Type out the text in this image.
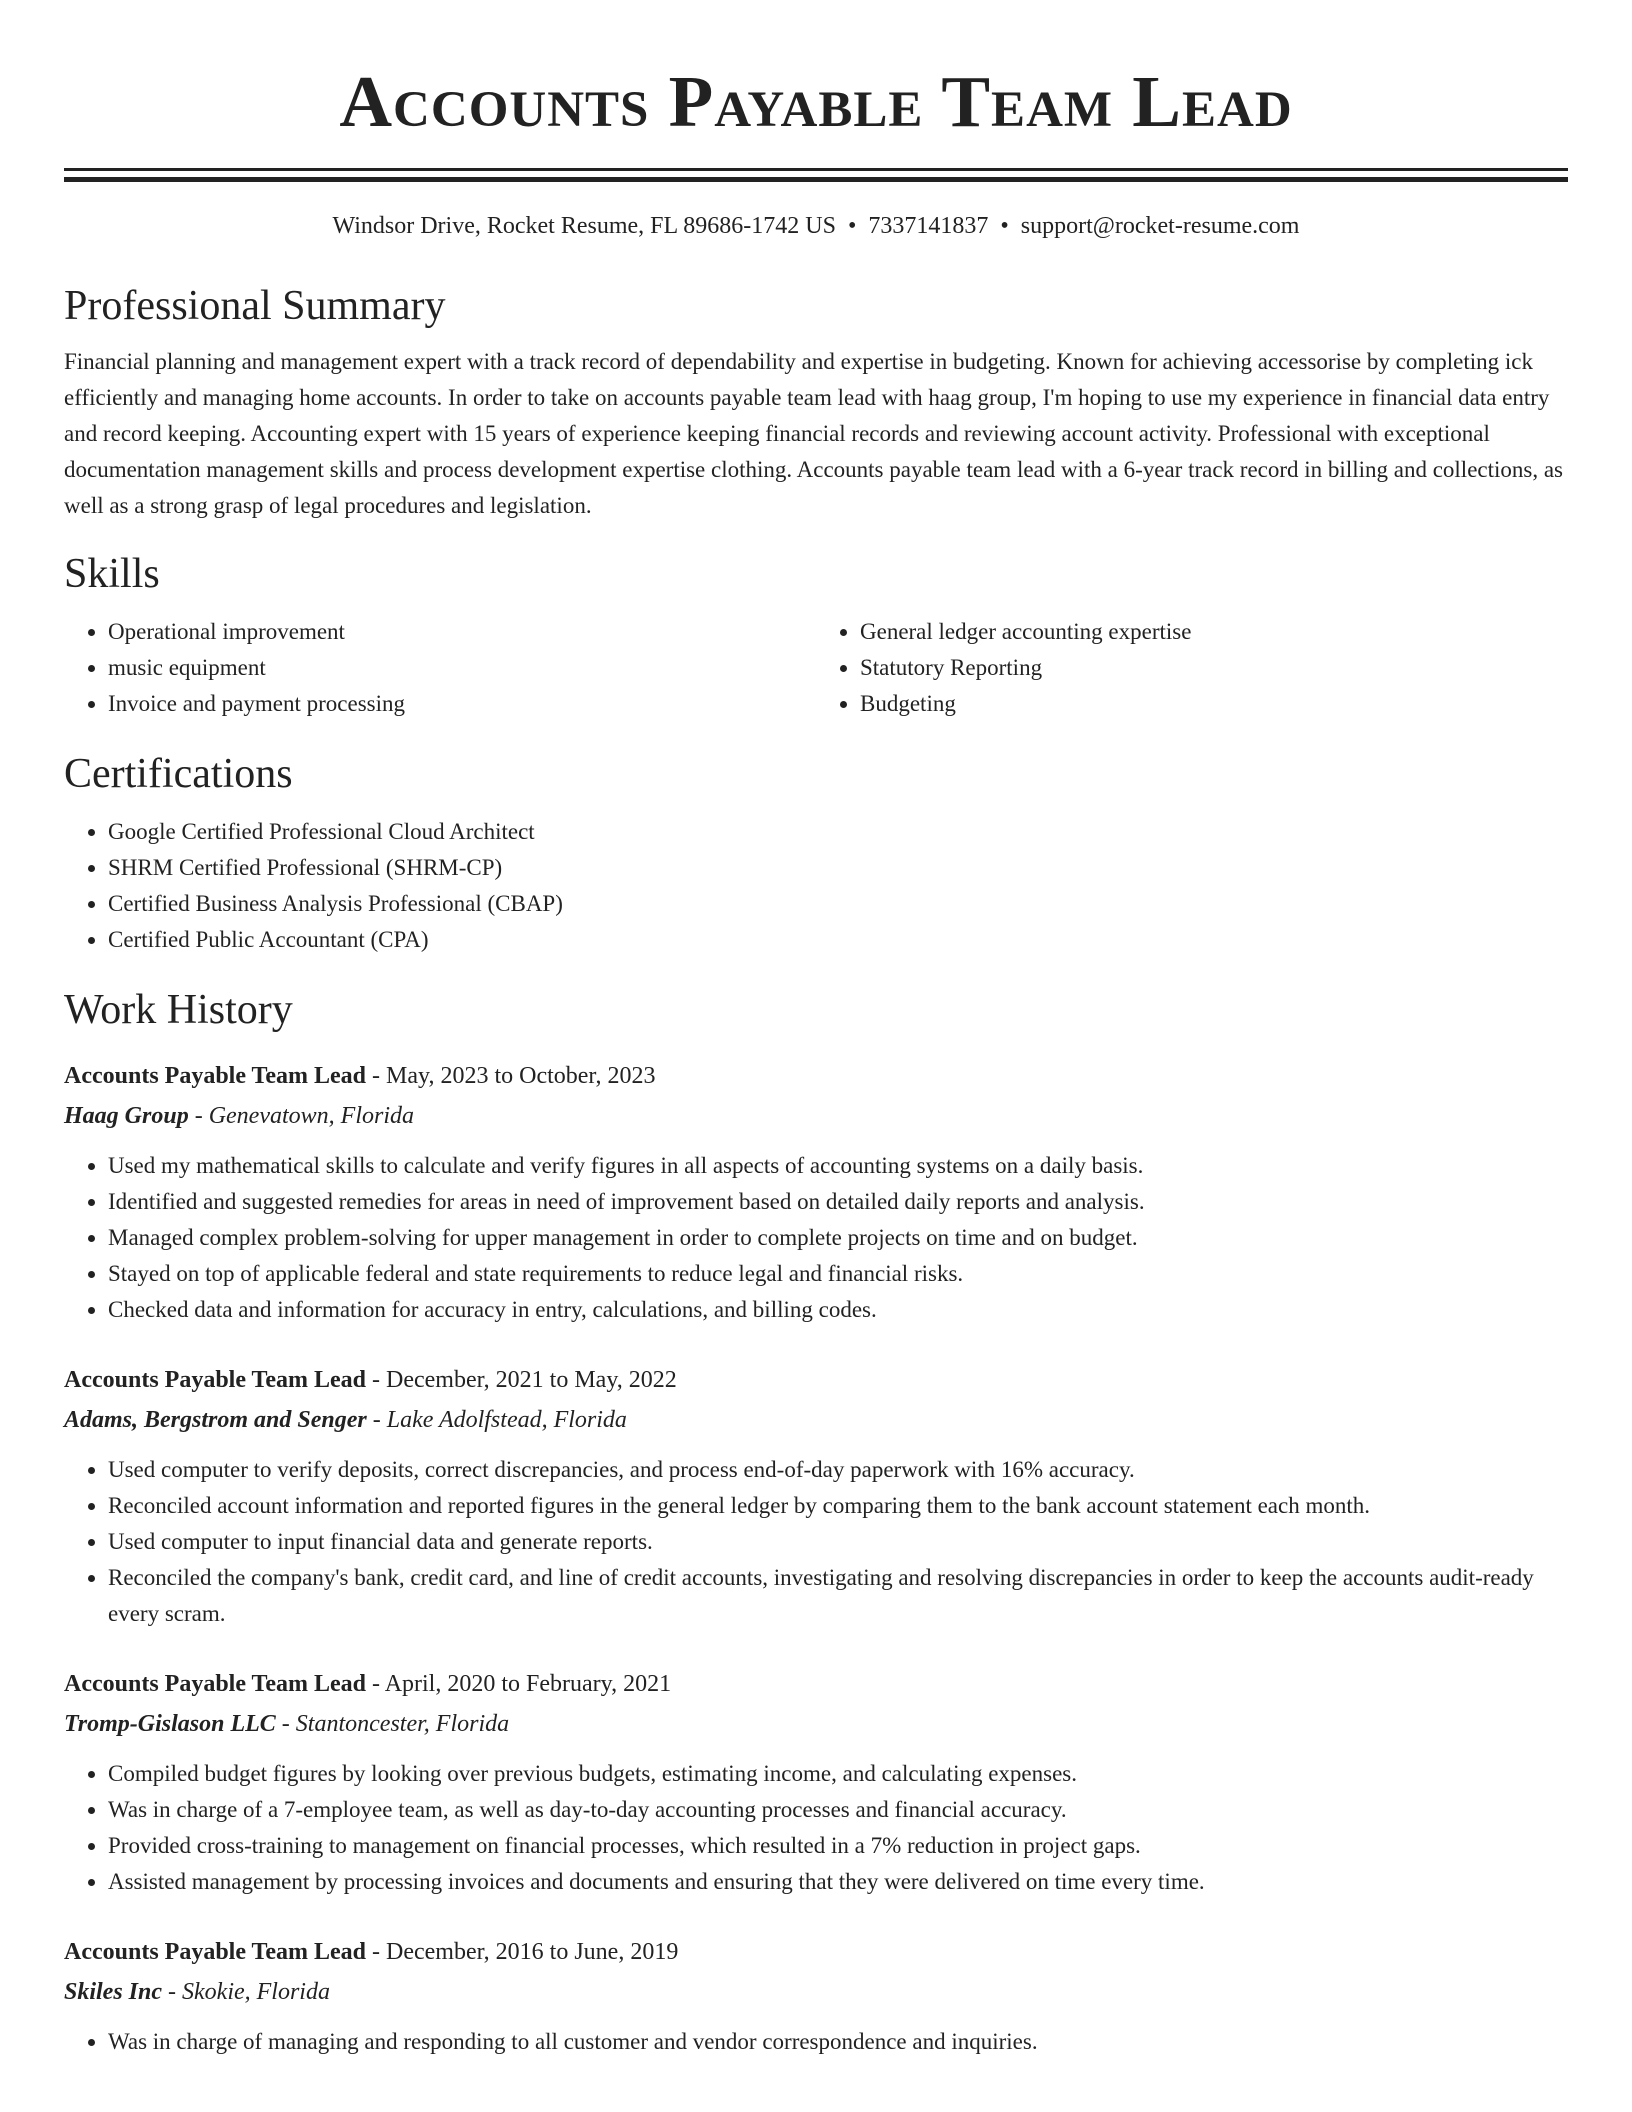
Accounts Payable Team Lead
Windsor Drive, Rocket Resume, FL 89686-1742 US • 7337141837 • support@rocket-resume.com
Professional Summary

Financial planning and management expert with a track record of dependability and expertise in budgeting. Known for achieving accessorise by completing ick efficiently and managing home accounts. In order to take on accounts payable team lead with haag group, I'm hoping to use my experience in financial data entry and record keeping. Accounting expert with 15 years of experience keeping financial records and reviewing account activity. Professional with exceptional documentation management skills and process development expertise clothing. Accounts payable team lead with a 6-year track record in billing and collections, as well as a strong grasp of legal procedures and legislation.

Skills
• Operational improvement
• music equipment
• Invoice and payment processing
• General ledger accounting expertise
• Statutory Reporting
• Budgeting
Certifications
• Google Certified Professional Cloud Architect
• SHRM Certified Professional (SHRM-CP)
• Certified Business Analysis Professional (CBAP)
• Certified Public Accountant (CPA)
Work History
Accounts Payable Team Lead - May, 2023 to October, 2023
Haag Group - Genevatown, Florida
• Used my mathematical skills to calculate and verify figures in all aspects of accounting systems on a daily basis.
• Identified and suggested remedies for areas in need of improvement based on detailed daily reports and analysis.
• Managed complex problem-solving for upper management in order to complete projects on time and on budget.
• Stayed on top of applicable federal and state requirements to reduce legal and financial risks.
• Checked data and information for accuracy in entry, calculations, and billing codes.
Accounts Payable Team Lead - December, 2021 to May, 2022
Adams, Bergstrom and Senger - Lake Adolfstead, Florida
• Used computer to verify deposits, correct discrepancies, and process end-of-day paperwork with 16% accuracy.
• Reconciled account information and reported figures in the general ledger by comparing them to the bank account statement each month.
• Used computer to input financial data and generate reports.
• Reconciled the company's bank, credit card, and line of credit accounts, investigating and resolving discrepancies in order to keep the accounts audit-ready every scram.
Accounts Payable Team Lead - April, 2020 to February, 2021
Tromp-Gislason LLC - Stantoncester, Florida
• Compiled budget figures by looking over previous budgets, estimating income, and calculating expenses.
• Was in charge of a 7-employee team, as well as day-to-day accounting processes and financial accuracy.
• Provided cross-training to management on financial processes, which resulted in a 7% reduction in project gaps.
• Assisted management by processing invoices and documents and ensuring that they were delivered on time every time.
Accounts Payable Team Lead - December, 2016 to June, 2019
Skiles Inc - Skokie, Florida
• Was in charge of managing and responding to all customer and vendor correspondence and inquiries.
